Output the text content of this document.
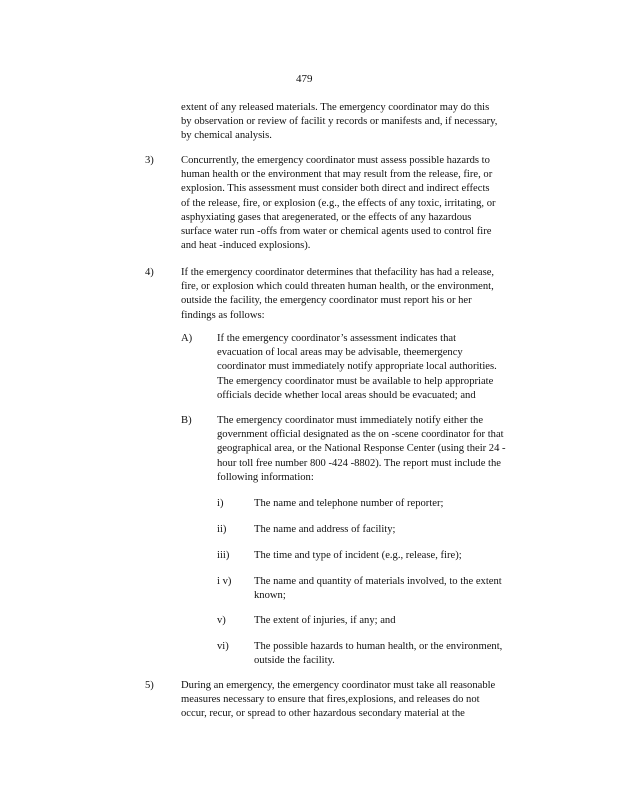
479
extent of any released materials. The emergency coordinator may do this
by observation or review of facilit y records or manifests and, if necessary,
by chemical analysis.
3)	Concurrently, the emergency coordinator must assess possible hazards to
human health or the environment that may result from the release, fire, or
explosion. This assessment must consider both direct and indirect effects
of the release, fire, or explosion (e.g., the effects of any toxic, irritating, or
asphyxiating gases that aregenerated, or the effects of any hazardous
surface water run -offs from water or chemical agents used to control fire
and heat -induced explosions).
4)	If the emergency coordinator determines that thefacility has had a release,
fire, or explosion which could threaten human health, or the environment,
outside the facility, the emergency coordinator must report his or her
findings as follows:
A) If the emergency coordinator’s assessment indicates that
evacuation of local areas may be advisable, theemergency
coordinator must immediately notify appropriate local authorities.
The emergency coordinator must be available to help appropriate
officials decide whether local areas should be evacuated; and
B) The emergency coordinator must immediately notify either the
government official designated as the on -scene coordinator for that
geographical area, or the National Response Center (using their 24 -
hour toll free number 800 -424 -8802). The report must include the
following information:
i)	The name and telephone number of reporter;
ii)	The name and address of facility;
iii) The time and type of incident (e.g., release, fire);
i v) The name and quantity of materials involved, to the extent
known;
v)	The extent of injuries, if any; and
vi) The possible hazards to human health, or the environment,
outside the facility.
5)	During an emergency, the emergency coordinator must take all reasonable
measures necessary to ensure that fires,explosions, and releases do not
occur, recur, or spread to other hazardous secondary material at the
